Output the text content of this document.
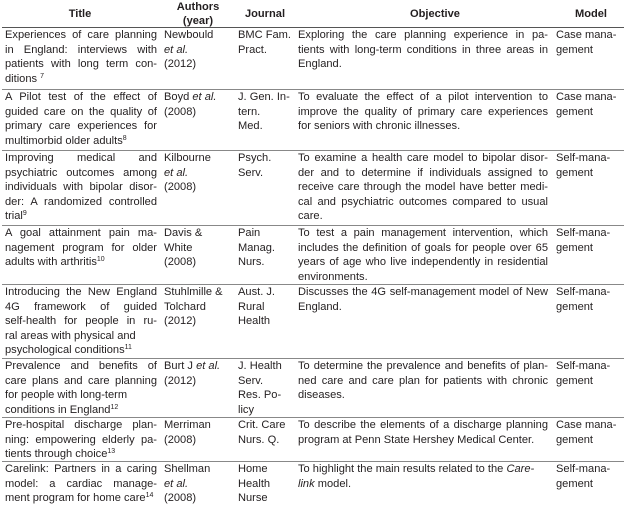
Title
Authors
(year)
Journal	Objective	Model
Experiences of care planning
in England: interviews with
patients with long term con-
ditions $^7$
Newbould
et al.
(2012)
BMC Fam.
Pract.
Exploring the care planning experience in pa-
tients with long-term conditions in three areas in
England.
Case mana-
gement
A Pilot test of the effect of
guided care on the quality of
primary care experiences for
multimorbid older adults$^8$
Boyd et al.
(2008)
J. Gen. In-
tern.
Med.
To evaluate the effect of a pilot intervention to
improve the quality of primary care experiences
for seniors with chronic illnesses.
Case mana-
gement
Improving medical and
psychiatric outcomes among
individuals with bipolar disor-
der: A randomized controlled
trial$^9$
Kilbourne
et al.
(2008)
Psych.
Serv.
To examine a health care model to bipolar disor-
der and to determine if individuals assigned to
receive care through the model have better medi-
cal and psychiatric outcomes compared to usual
care.
Self-mana-
gement
A goal attainment pain ma-
nagement program for older
adults with arthritis$^{10}$
Davis &
White
(2008)
Pain
Manag.
Nurs.
To test a pain management intervention, which
includes the definition of goals for people over 65
years of age who live independently in residential
environments.
Self-mana-
gement
Introducing the New England
4G framework of guided
self-health for people in ru-
ral areas with physical and
psychological conditions$^{11}$
Stuhlmille &
Tolchard
(2012)
Aust. J.
Rural
Health
Discusses the 4G self-management model of New
England.
Self-mana-
gement
Prevalence and benefits of
care plans and care planning
for people with long-term
conditions in England$^{12}$
Burt J et al.
(2012)
J. Health
Serv.
Res. Po-
licy
To determine the prevalence and benefits of plan-
ned care and care plan for patients with chronic
diseases.
Self-mana-
gement
Pre-hospital discharge plan-
ning: empowering elderly pa-
tients through choice$^{13}$
Merriman
(2008)
Crit. Care
Nurs. Q.
To describe the elements of a discharge planning
program at Penn State Hershey Medical Center.
Case mana-
gement
Carelink: Partners in a caring
model: a cardiac manage-
ment program for home care$^{14}$
Shellman
et al.
(2008)
Home
Health
Nurse
To highlight the main results related to the Care-
link model.
Self-mana-
gement
